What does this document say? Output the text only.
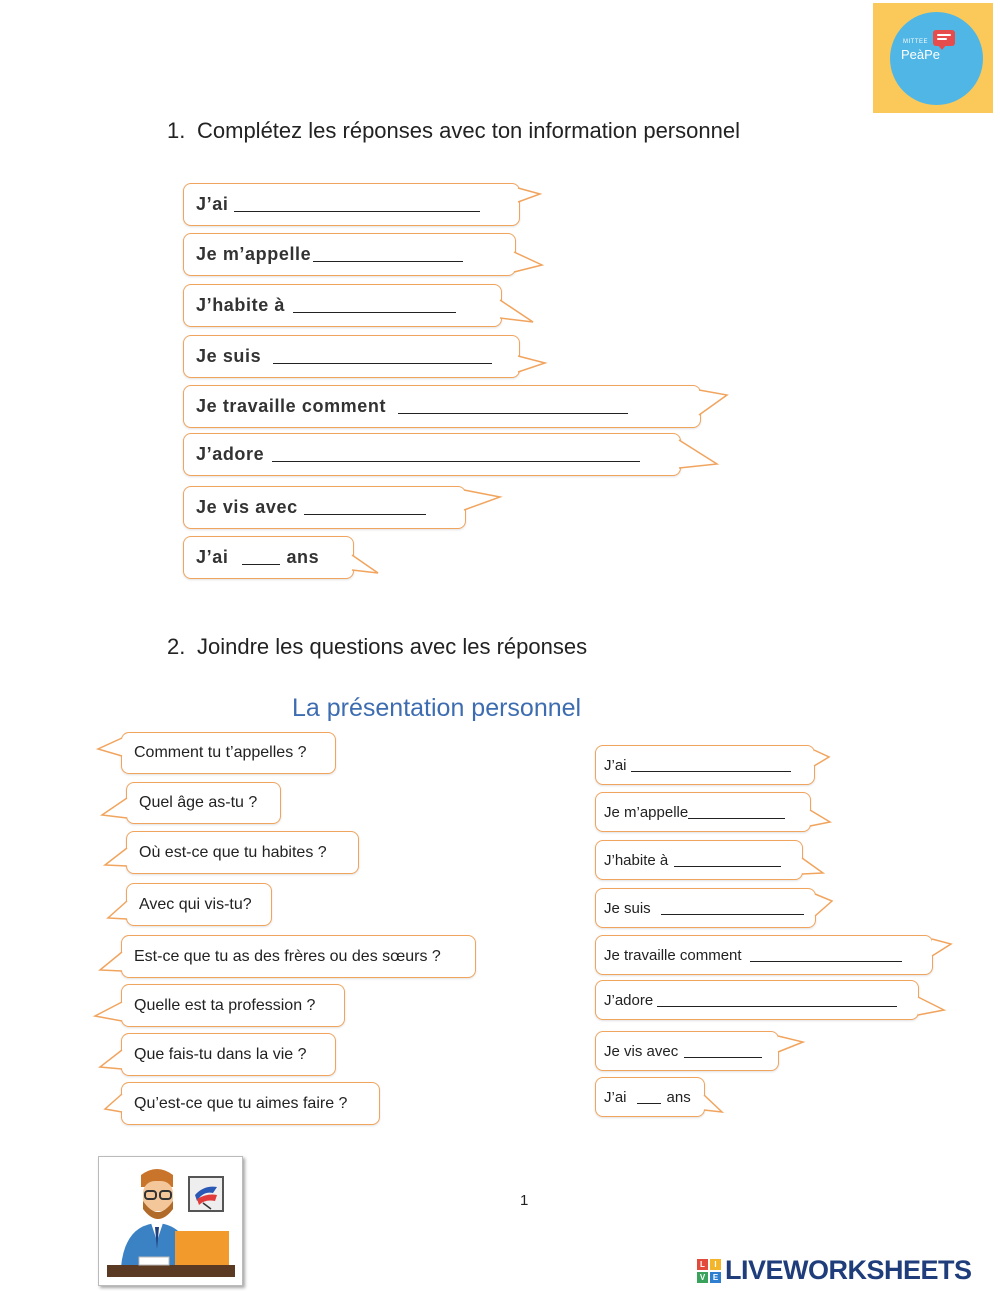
MITTEE
PeàPe
1. Complétez les réponses avec ton information personnel
J’ai
Je m’appelle
J’habite à
Je suis
Je travaille comment
J’adore
Je vis avec
J’ai	ans
2. Joindre les questions avec les réponses
La présentation personnel
Comment tu t’appelles ?
Quel âge as-tu ?
Où est-ce que tu habites ?
Avec qui vis-tu?
Est-ce que tu as des frères ou des sœurs ?
Quelle est ta profession ?
Que fais-tu dans la vie ?
Qu’est-ce que tu aimes faire ?
J’ai
Je m’appelle
J’habite à
Je suis
Je travaille comment
J’adore
Je vis avec
J’ai	ans
1
L	I
V E LIVEWORKSHEETS
